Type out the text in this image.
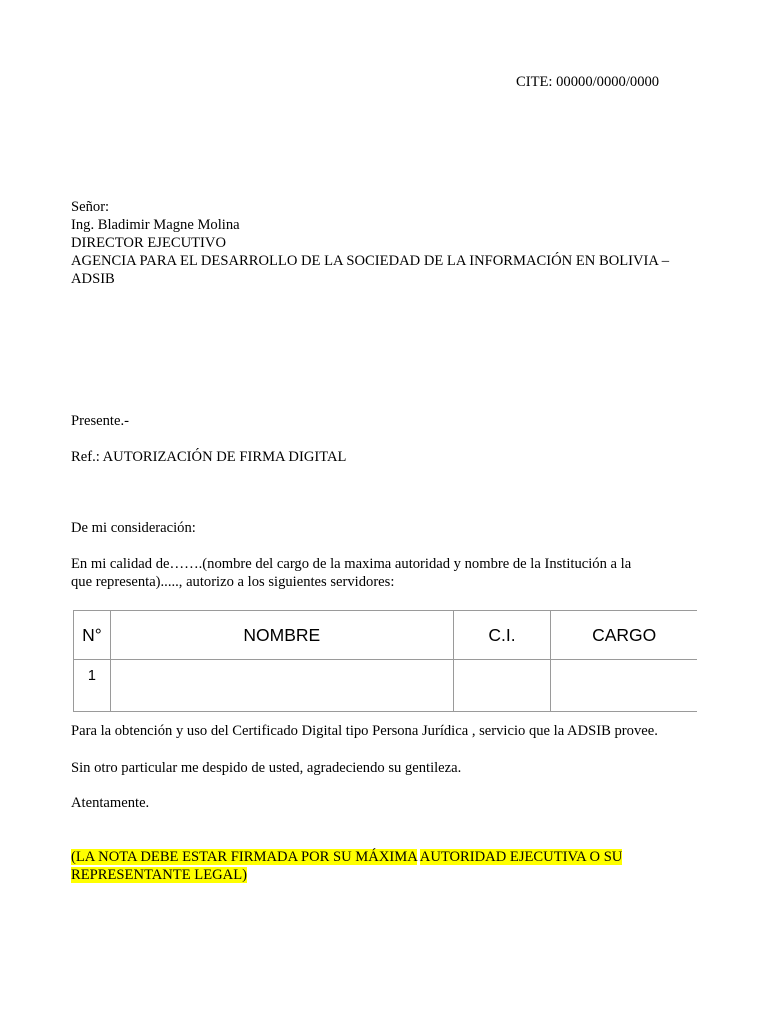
CITE: 00000/0000/0000
Señor:
Ing. Bladimir Magne Molina
DIRECTOR EJECUTIVO
AGENCIA PARA EL DESARROLLO DE LA SOCIEDAD DE LA INFORMACIÓN EN BOLIVIA –
ADSIB
Presente.-
Ref.: AUTORIZACIÓN DE FIRMA DIGITAL
De mi consideración:
En mi calidad de…….(nombre del cargo de la maxima autoridad y nombre de la Institución a la
que representa)....., autorizo a los siguientes servidores:
N°	NOMBRE	C.I.	CARGO
1			
Para la obtención y uso del Certificado Digital tipo Persona Jurídica , servicio que la ADSIB provee.
Sin otro particular me despido de usted, agradeciendo su gentileza.
Atentamente.
(LA NOTA DEBE ESTAR FIRMADA POR SU MÁXIMA AUTORIDAD EJECUTIVA O SU REPRESENTANTE LEGAL)
